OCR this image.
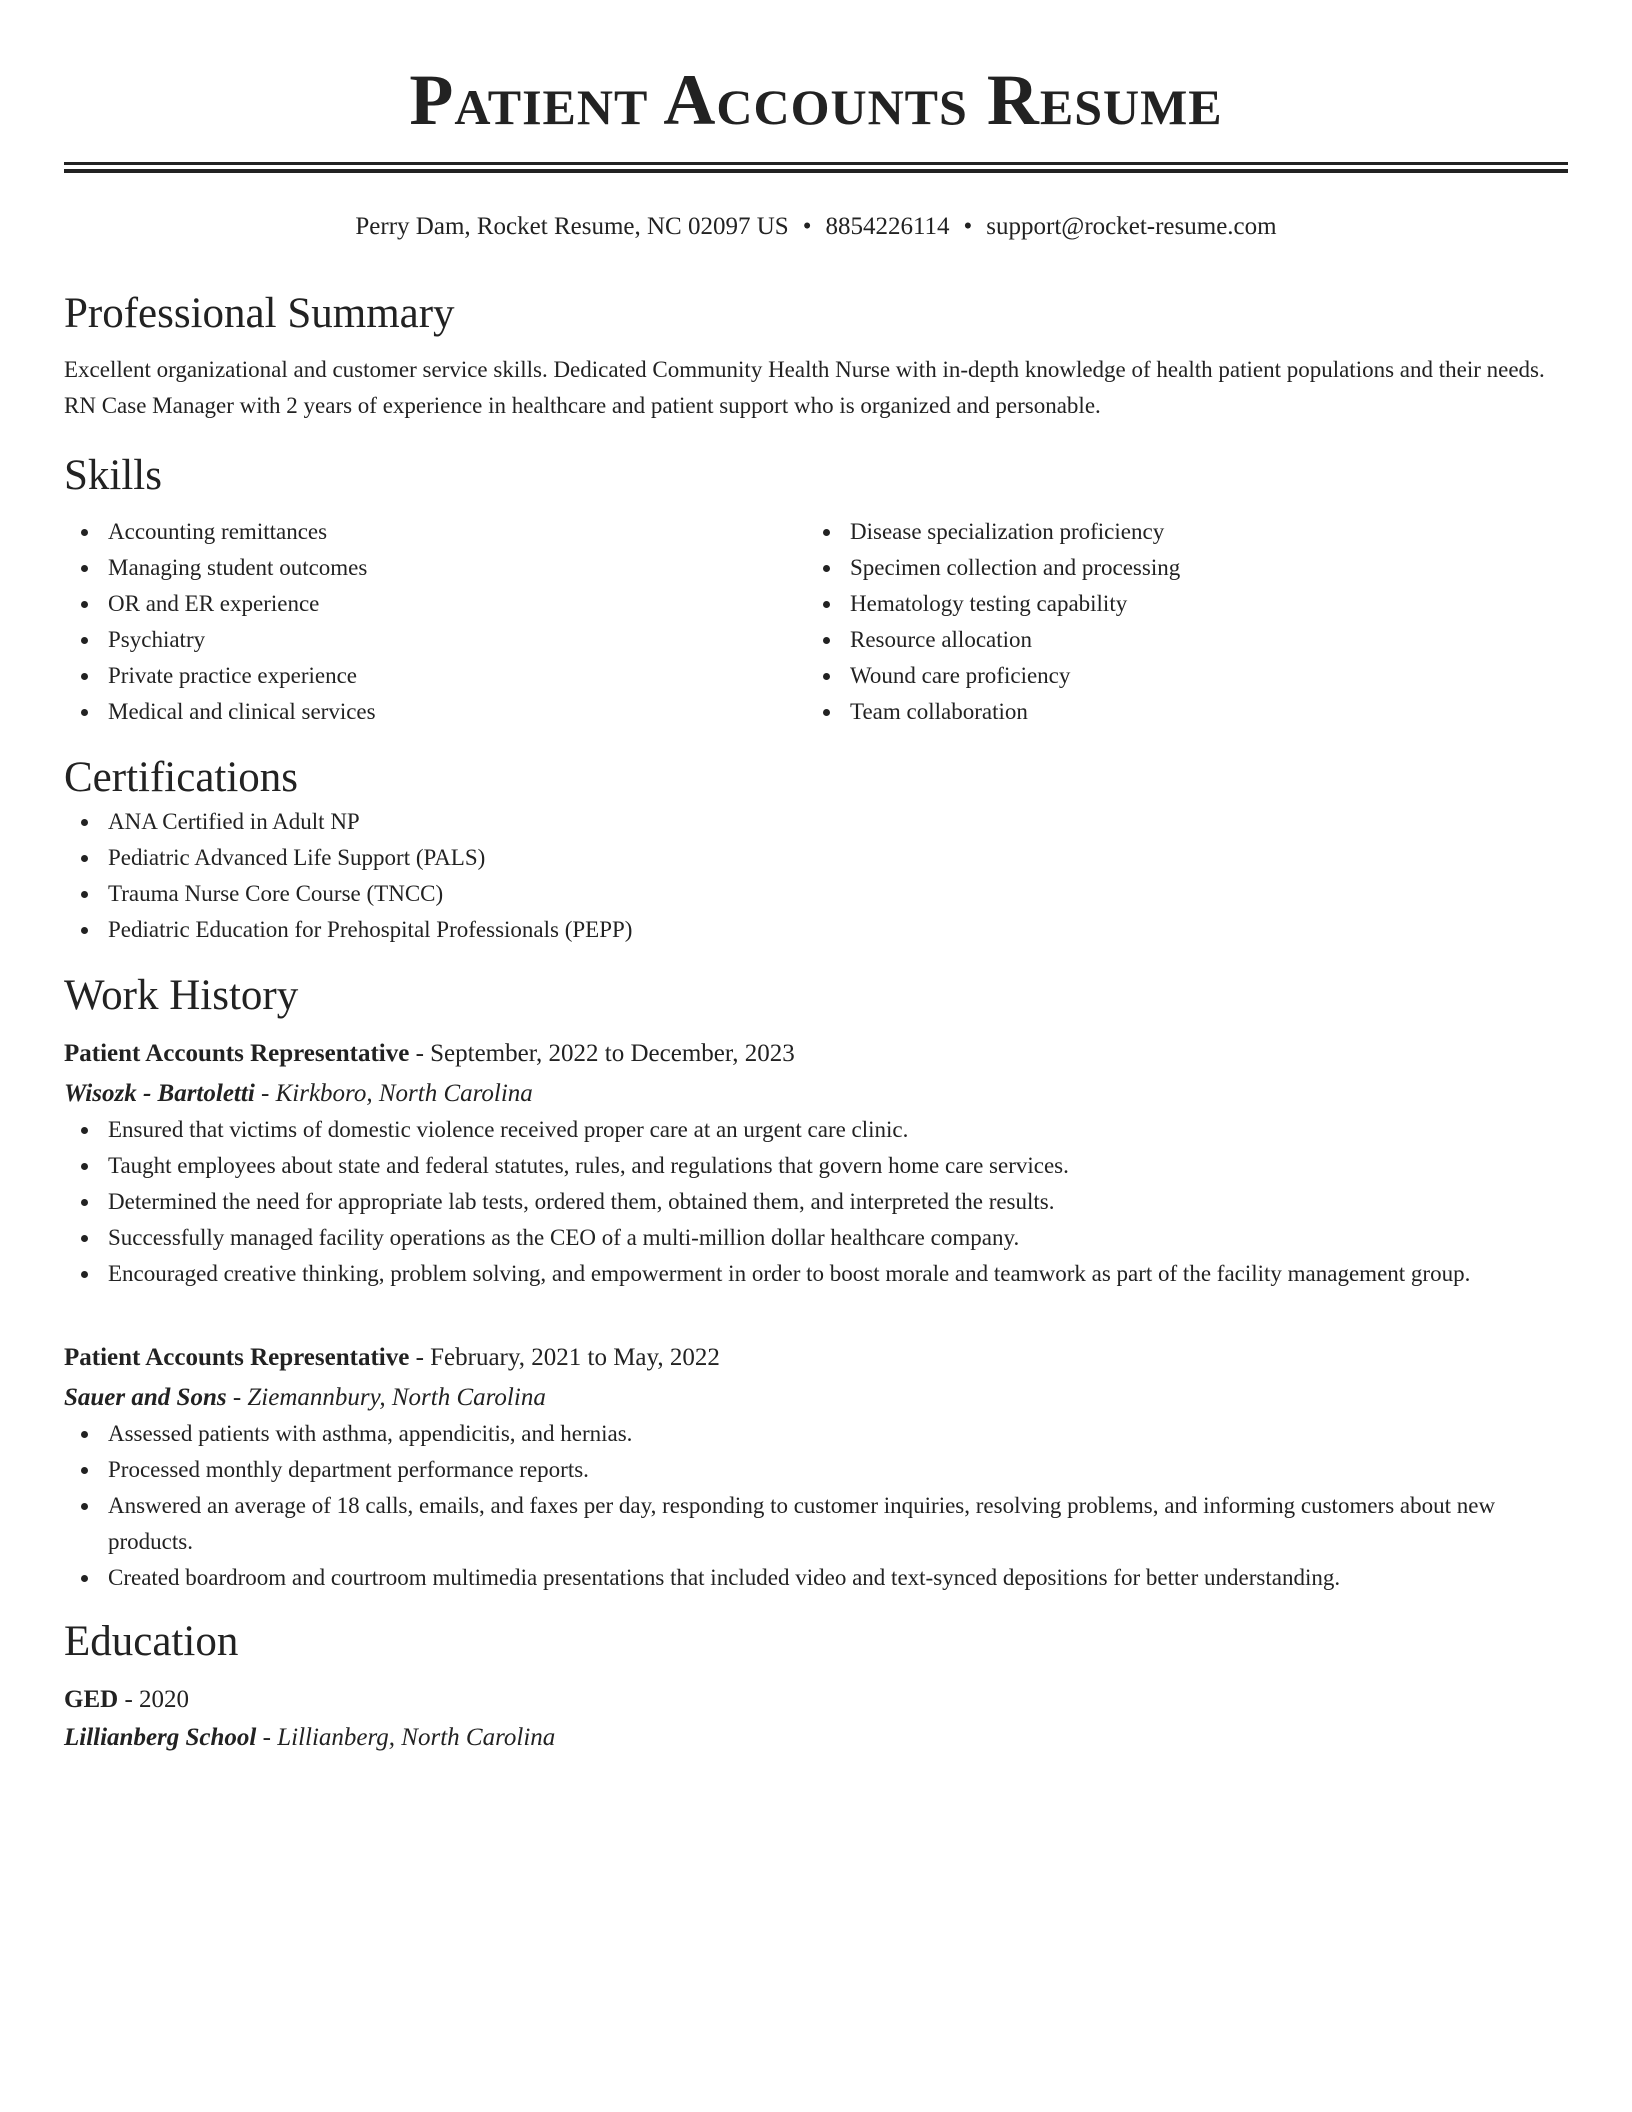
Patient Accounts Resume
Perry Dam, Rocket Resume, NC 02097 US • 8854226114 • support@rocket-resume.com
Professional Summary

Excellent organizational and customer service skills. Dedicated Community Health Nurse with in-depth knowledge of health patient populations and their needs. RN Case Manager with 2 years of experience in healthcare and patient support who is organized and personable.

Skills
Accounting remittances
Managing student outcomes
OR and ER experience
Psychiatry
Private practice experience
Medical and clinical services
Disease specialization proficiency
Specimen collection and processing
Hematology testing capability
Resource allocation
Wound care proficiency
Team collaboration
Certifications
ANA Certified in Adult NP
Pediatric Advanced Life Support (PALS)
Trauma Nurse Core Course (TNCC)
Pediatric Education for Prehospital Professionals (PEPP)
Work History
Patient Accounts Representative - September, 2022 to December, 2023
Wisozk - Bartoletti - Kirkboro, North Carolina
Ensured that victims of domestic violence received proper care at an urgent care clinic.
Taught employees about state and federal statutes, rules, and regulations that govern home care services.
Determined the need for appropriate lab tests, ordered them, obtained them, and interpreted the results.
Successfully managed facility operations as the CEO of a multi-million dollar healthcare company.
Encouraged creative thinking, problem solving, and empowerment in order to boost morale and teamwork as part of the facility management group.
Patient Accounts Representative - February, 2021 to May, 2022
Sauer and Sons - Ziemannbury, North Carolina
Assessed patients with asthma, appendicitis, and hernias.
Processed monthly department performance reports.
Answered an average of 18 calls, emails, and faxes per day, responding to customer inquiries, resolving problems, and informing customers about new products.
Created boardroom and courtroom multimedia presentations that included video and text-synced depositions for better understanding.
Education
GED - 2020
Lillianberg School - Lillianberg, North Carolina
